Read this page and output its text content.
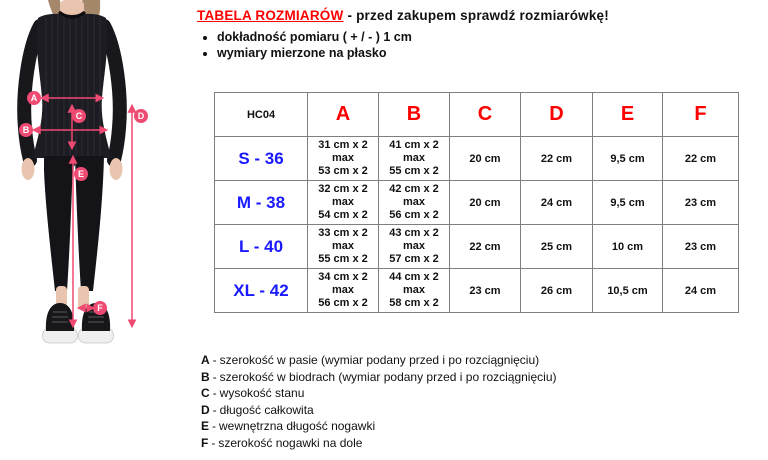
A
B
C	D
E
F
TABELA ROZMIARÓW - przed zakupem sprawdź rozmiarówkę!
• dokładność pomiaru ( + / - ) 1 cm
• wymiary mierzone na płasko
HC04	A	B	C	D	E	F
S - 36	31 cm x 2
max
53 cm x 2	41 cm x 2
max
55 cm x 2	20 cm	22 cm	9,5 cm	22 cm
M - 38	32 cm x 2
max
54 cm x 2	42 cm x 2
max
56 cm x 2	20 cm	24 cm	9,5 cm	23 cm
L - 40	33 cm x 2
max
55 cm x 2	43 cm x 2
max
57 cm x 2	22 cm	25 cm	10 cm	23 cm
XL - 42	34 cm x 2
max
56 cm x 2	44 cm x 2
max
58 cm x 2	23 cm	26 cm	10,5 cm	24 cm
A - szerokość w pasie (wymiar podany przed i po rozciągnięciu)
B - szerokość w biodrach (wymiar podany przed i po rozciągnięciu)
C - wysokość stanu
D - długość całkowita
E - wewnętrzna długość nogawki
F - szerokość nogawki na dole
